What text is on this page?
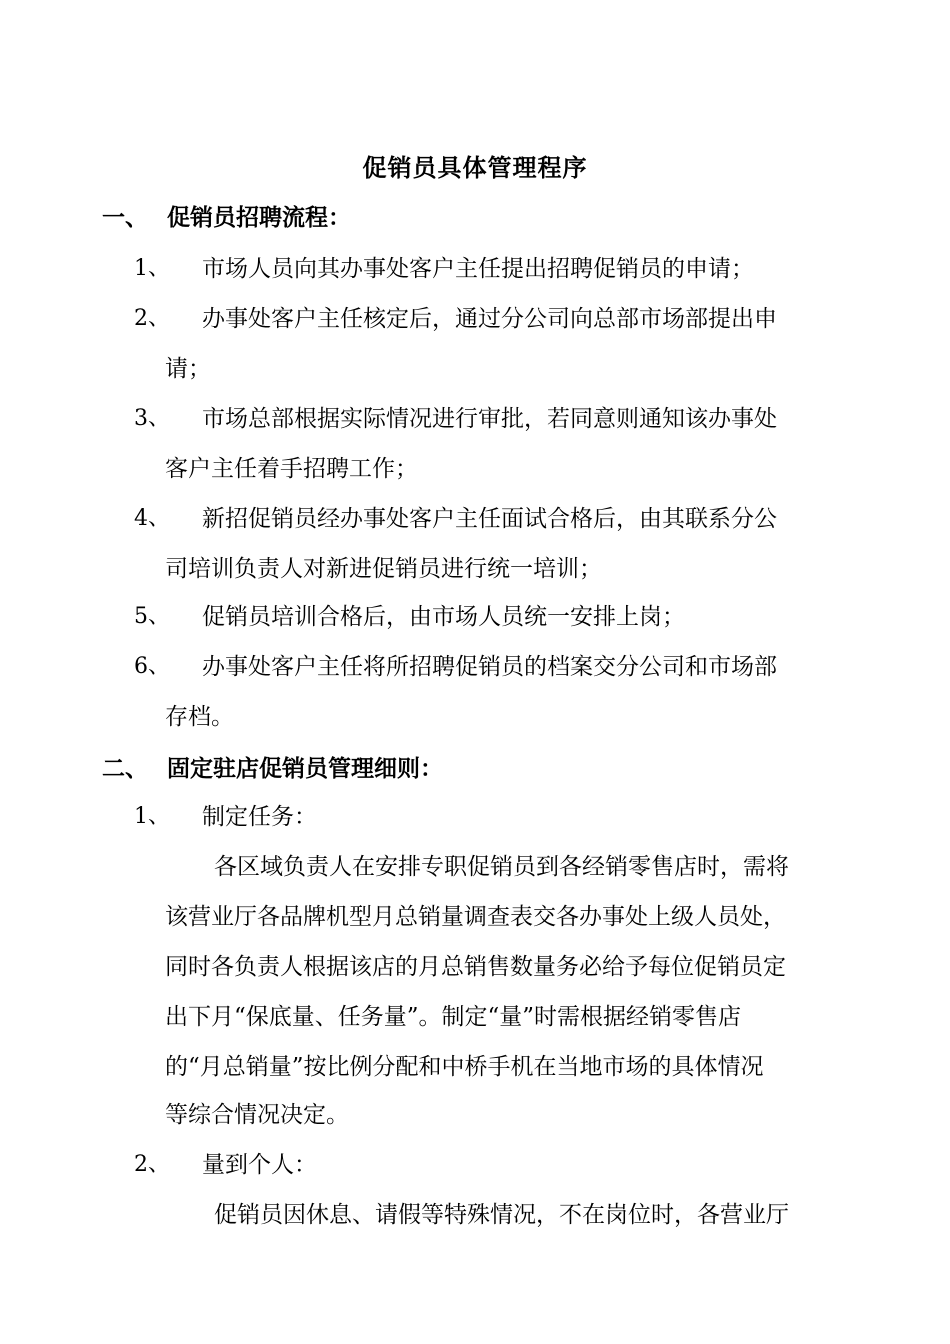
促销员具体管理程序
一、 促销员招聘流程：
1、 市场人员向其办事处客户主任提出招聘促销员的申请；
2、 办事处客户主任核定后，通过分公司向总部市场部提出申
请；
3、 市场总部根据实际情况进行审批，若同意则通知该办事处
客户主任着手招聘工作；
4、 新招促销员经办事处客户主任面试合格后，由其联系分公
司培训负责人对新进促销员进行统一培训；
5、 促销员培训合格后，由市场人员统一安排上岗；
6、 办事处客户主任将所招聘促销员的档案交分公司和市场部
存档。
二、 固定驻店促销员管理细则：
1、 制定任务：
各区域负责人在安排专职促销员到各经销零售店时，需将
该营业厅各品牌机型月总销量调查表交各办事处上级人员处，
同时各负责人根据该店的月总销售数量务必给予每位促销员定
出下月“保底量、任务量”。制定“量”时需根据经销零售店
的“月总销量”按比例分配和中桥手机在当地市场的具体情况
等综合情况决定。
2、 量到个人：
促销员因休息、请假等特殊情况，不在岗位时，各营业厅
